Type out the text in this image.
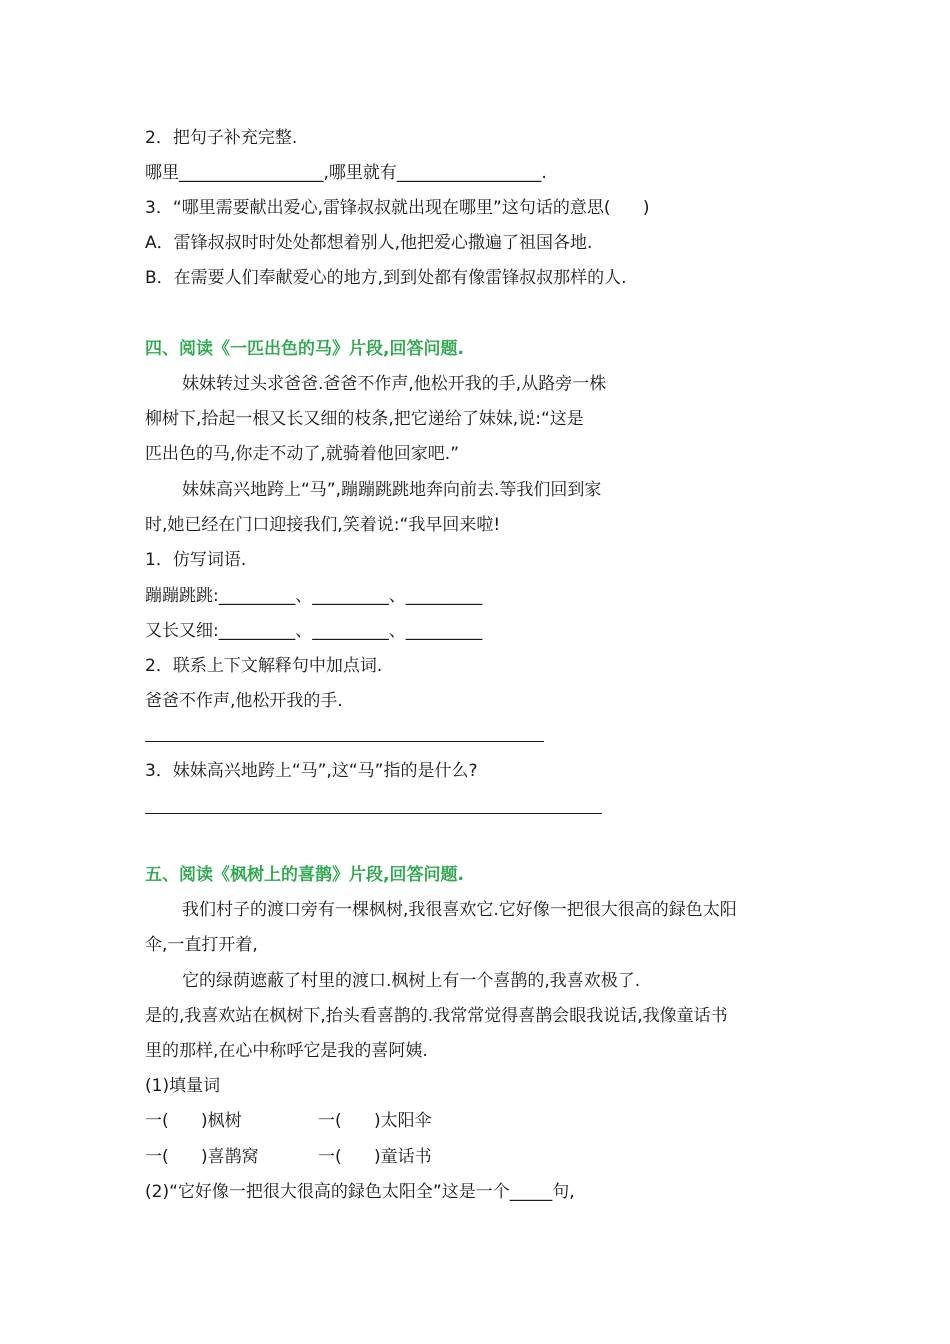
2．把句子补充完整.
哪里_________________,哪里就有_________________.
3．“哪里需要献出爱心,雷锋叔叔就出现在哪里”这句话的意思(      )
A．雷锋叔叔时时处处都想着别人,他把爱心撒遍了祖国各地.
B．在需要人们奉献爱心的地方,到到处都有像雷锋叔叔那样的人.
四、阅读《一匹出色的马》片段,回答问题.
妹妹转过头求爸爸.爸爸不作声,他松开我的手,从路旁一株
柳树下,拾起一根又长又细的枝条,把它递给了妹妹,说:“这是
匹出色的马,你走不动了,就骑着他回家吧.”
妹妹高兴地跨上“马”,蹦蹦跳跳地奔向前去.等我们回到家
时,她已经在门口迎接我们,笑着说:“我早回来啦!
1．仿写词语.
蹦蹦跳跳:_________、_________、_________
又长又细:_________、_________、_________
2．联系上下文解释句中加点词.
爸爸不作声,他松开我的手.
3．妹妹高兴地跨上“马”,这“马”指的是什么?
五、阅读《枫树上的喜鹊》片段,回答问题.
我们村子的渡口旁有一棵枫树,我很喜欢它.它好像一把很大很高的録色太阳
伞,一直打开着,
它的绿荫遮蔽了村里的渡口.枫树上有一个喜鹊的,我喜欢极了.
是的,我喜欢站在枫树下,抬头看喜鹊的.我常常觉得喜鹊会眼我说话,我像童话书
里的那样,在心中称呼它是我的喜阿姨.
(1)填量词
一(      )枫树	一(      )太阳伞
一(      )喜鹊窝	一(      )童话书
(2)“它好像一把很大很高的録色太阳全”这是一个_____句,
